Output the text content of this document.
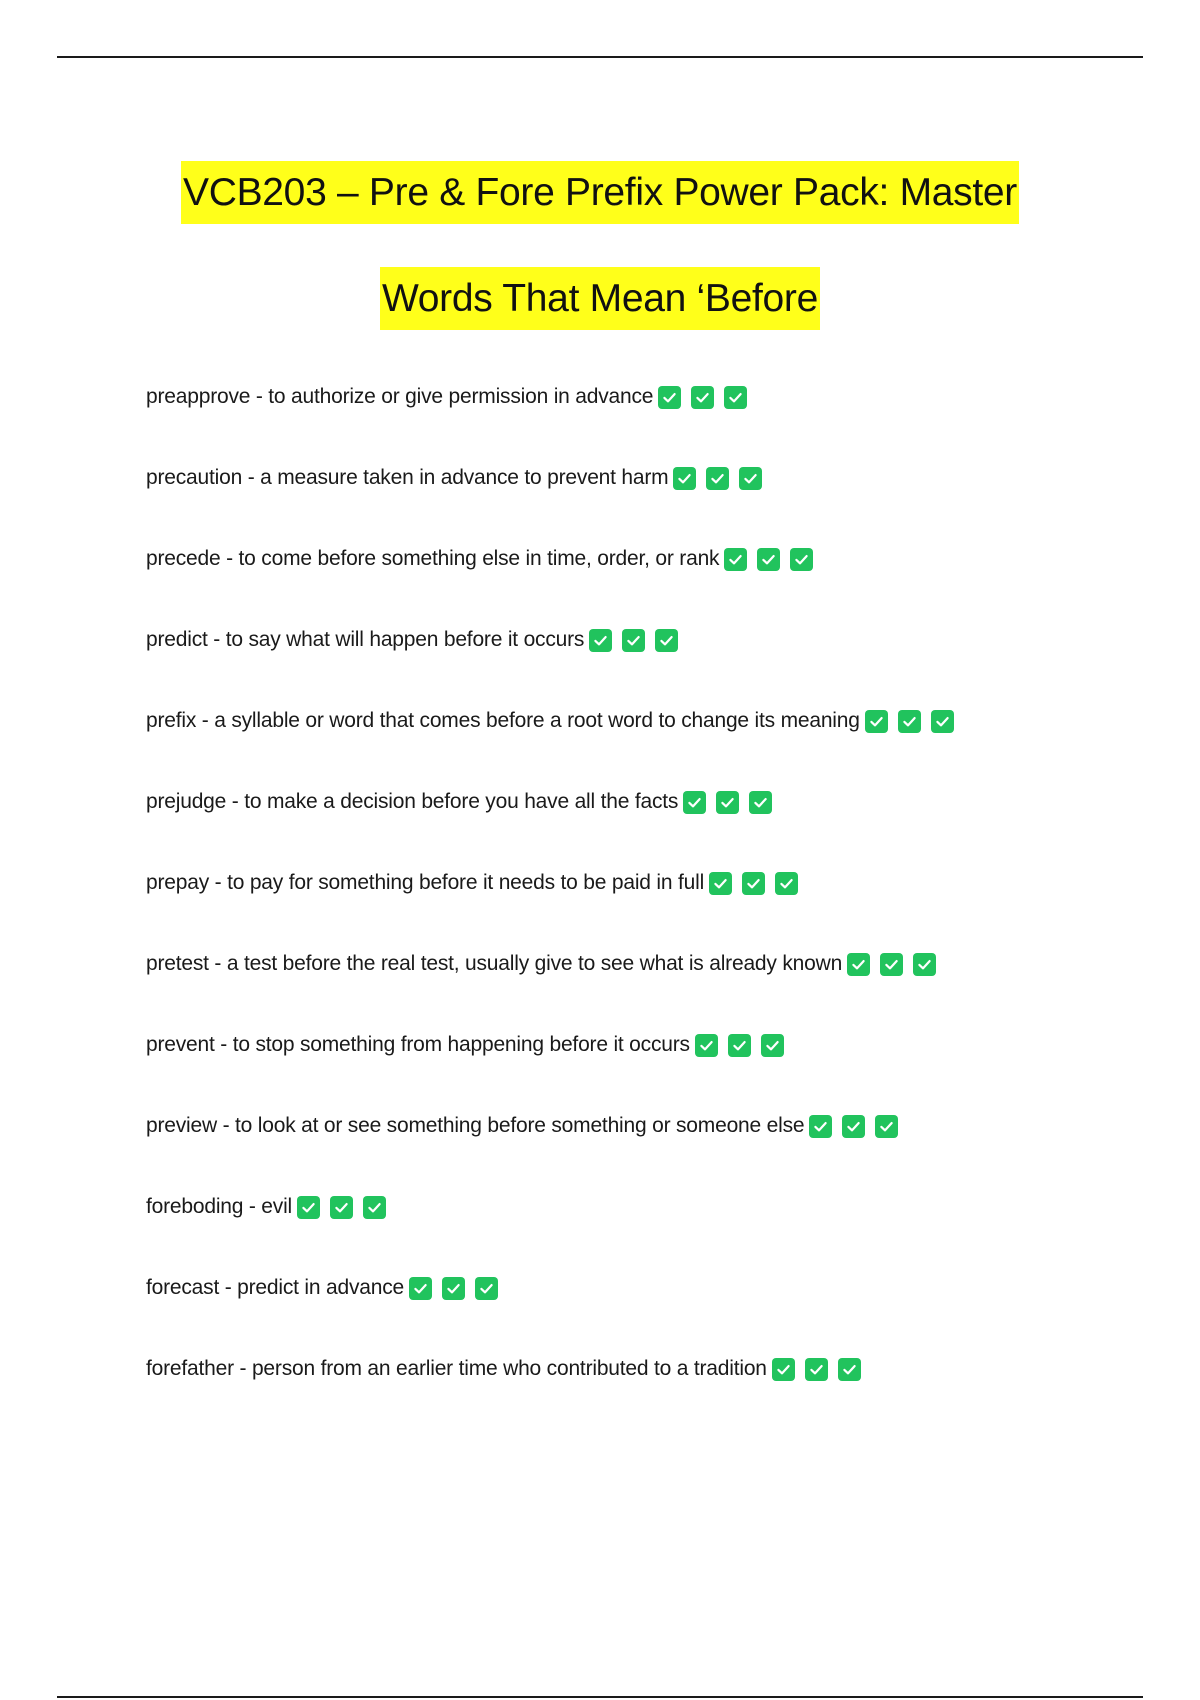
VCB203 – Pre & Fore Prefix Power Pack: Master
Words That Mean ‘Before
preapprove - to authorize or give permission in advance
precaution - a measure taken in advance to prevent harm
precede - to come before something else in time, order, or rank
predict - to say what will happen before it occurs
prefix - a syllable or word that comes before a root word to change its meaning
prejudge - to make a decision before you have all the facts
prepay - to pay for something before it needs to be paid in full
pretest - a test before the real test, usually give to see what is already known
prevent - to stop something from happening before it occurs
preview - to look at or see something before something or someone else
foreboding - evil
forecast - predict in advance
forefather - person from an earlier time who contributed to a tradition
